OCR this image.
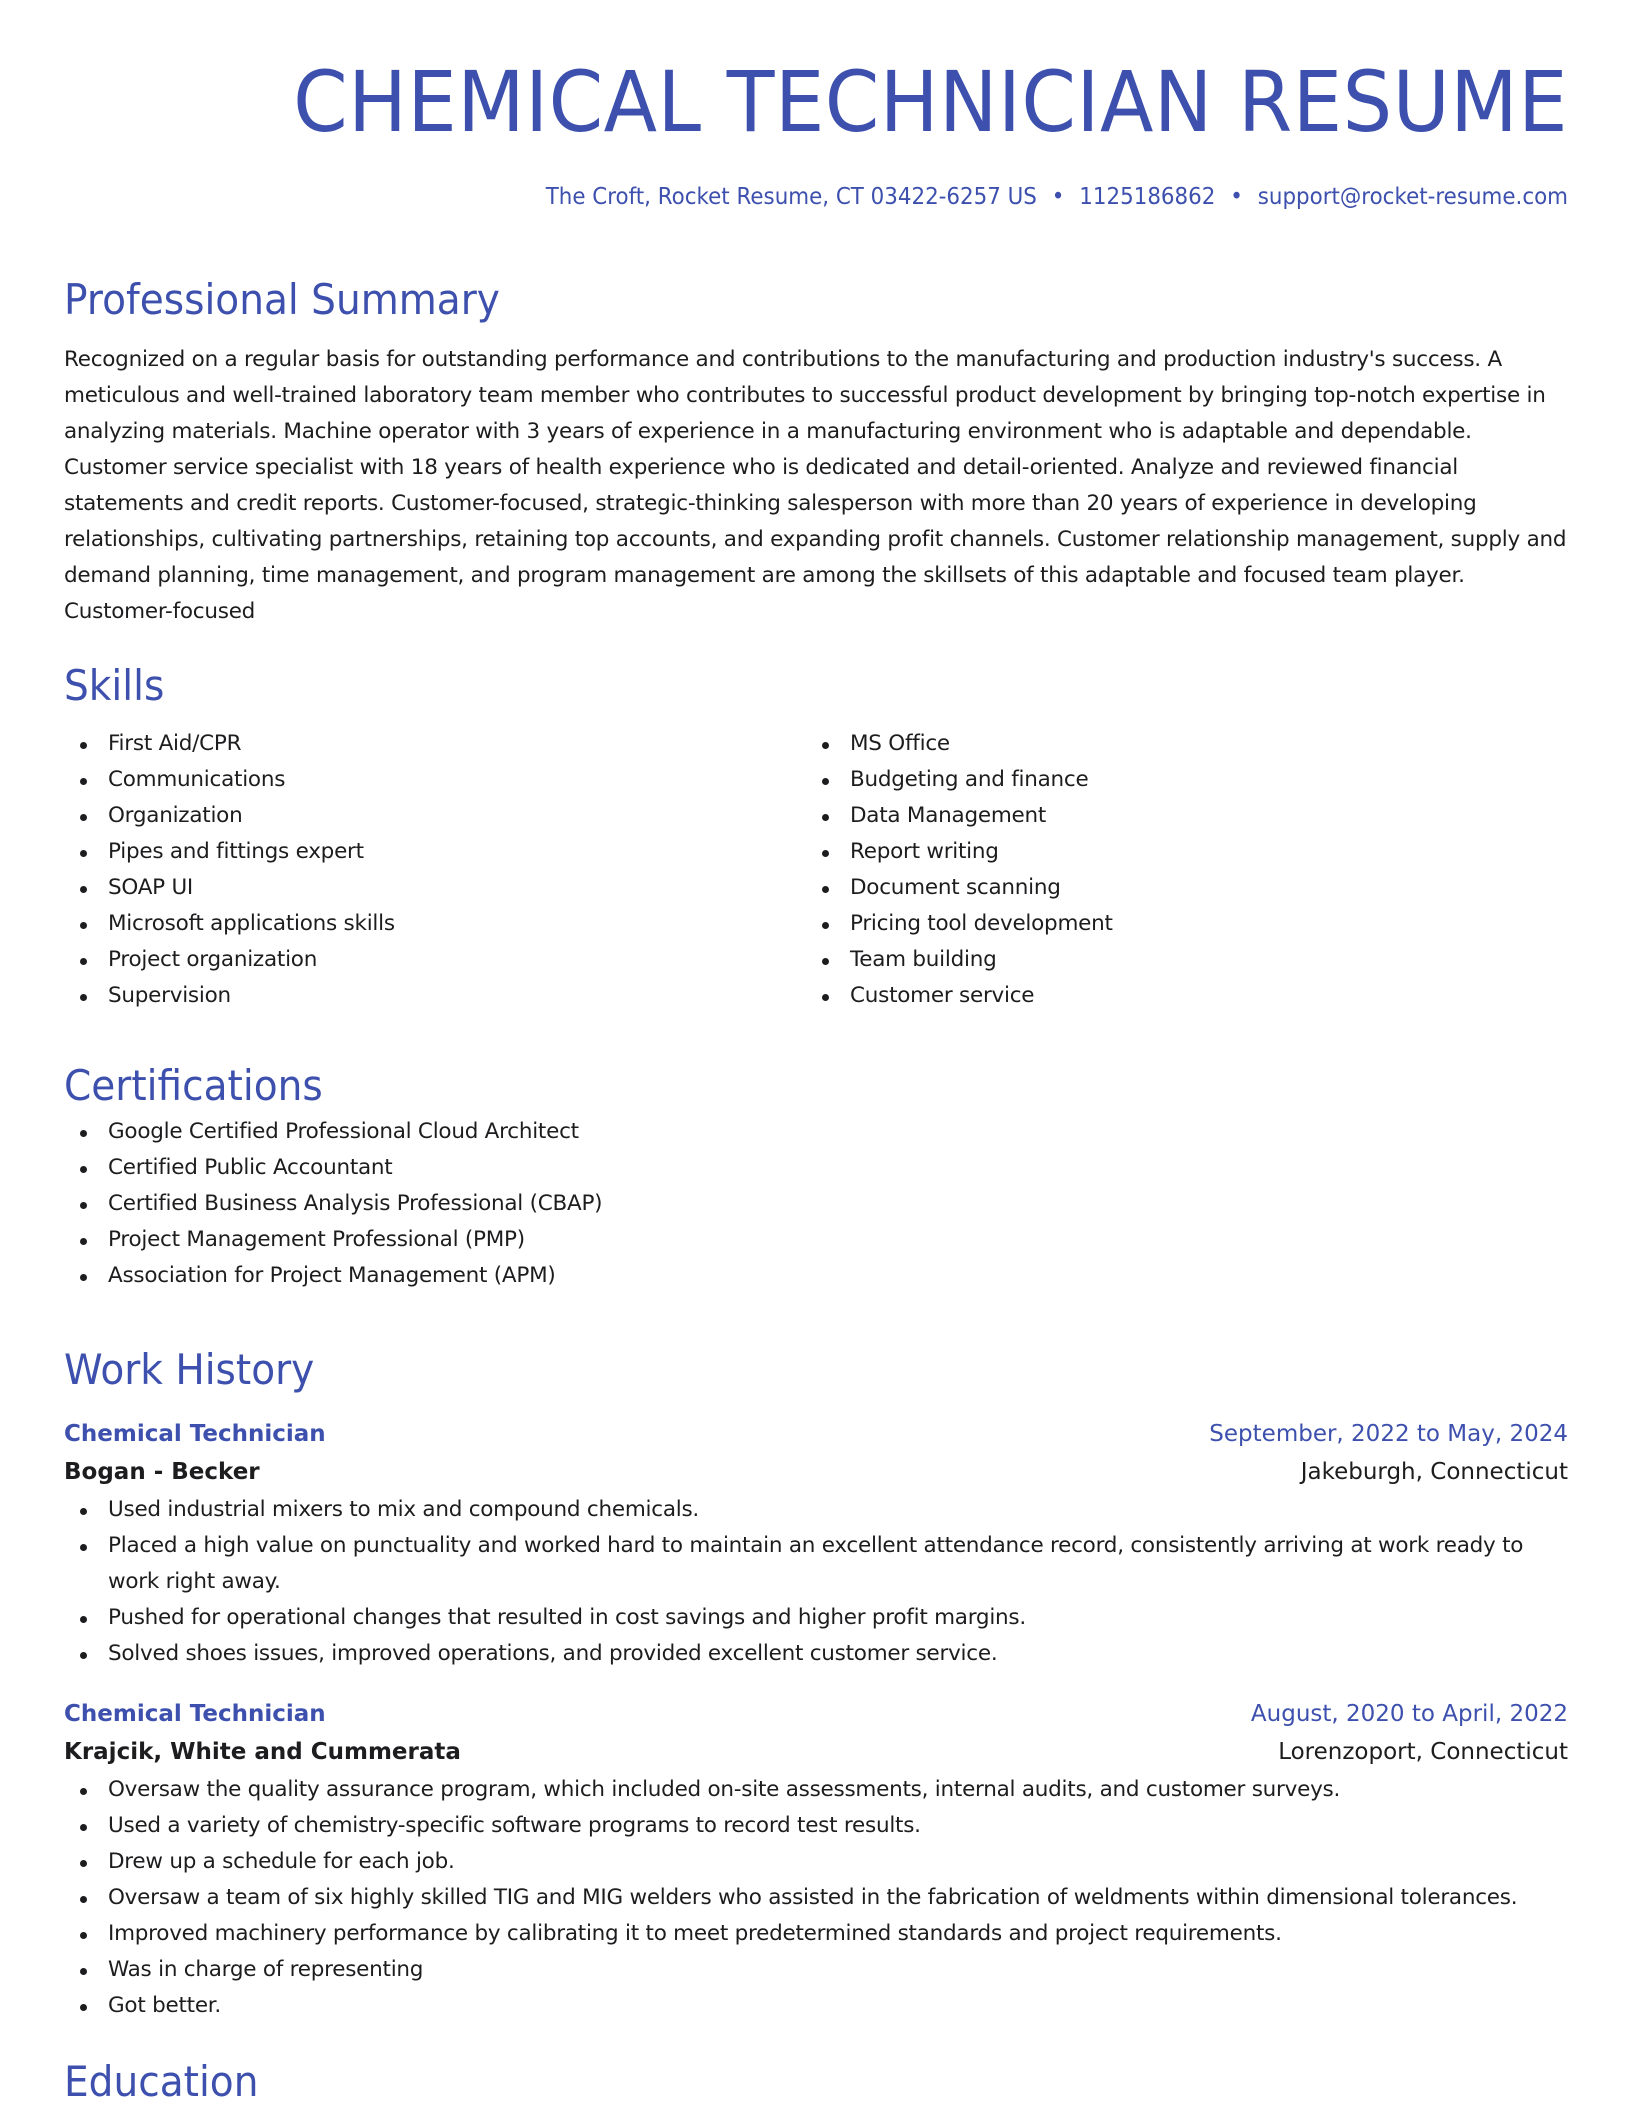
CHEMICAL TECHNICIAN RESUME
The Croft, Rocket Resume, CT 03422-6257 US • 1125186862 • support@rocket-resume.com
Professional Summary
Recognized on a regular basis for outstanding performance and contributions to the manufacturing and production industry's success. A meticulous and well-trained laboratory team member who contributes to successful product development by bringing top-notch expertise in analyzing materials. Machine operator with 3 years of experience in a manufacturing environment who is adaptable and dependable. Customer service specialist with 18 years of health experience who is dedicated and detail-oriented. Analyze and reviewed financial statements and credit reports. Customer-focused, strategic-thinking salesperson with more than 20 years of experience in developing relationships, cultivating partnerships, retaining top accounts, and expanding profit channels. Customer relationship management, supply and demand planning, time management, and program management are among the skillsets of this adaptable and focused team player. Customer-focused
Skills
First Aid/CPR
Communications
Organization
Pipes and fittings expert
SOAP UI
Microsoft applications skills
Project organization
Supervision
MS Office
Budgeting and finance
Data Management
Report writing
Document scanning
Pricing tool development
Team building
Customer service
Certifications
Google Certified Professional Cloud Architect
Certified Public Accountant
Certified Business Analysis Professional (CBAP)
Project Management Professional (PMP)
Association for Project Management (APM)
Work History
Chemical Technician	September, 2022 to May, 2024
Bogan - Becker	Jakeburgh, Connecticut
Used industrial mixers to mix and compound chemicals.
Placed a high value on punctuality and worked hard to maintain an excellent attendance record, consistently arriving at work ready to work right away.
Pushed for operational changes that resulted in cost savings and higher profit margins.
Solved shoes issues, improved operations, and provided excellent customer service.
Chemical Technician	August, 2020 to April, 2022
Krajcik, White and Cummerata	Lorenzoport, Connecticut
Oversaw the quality assurance program, which included on-site assessments, internal audits, and customer surveys.
Used a variety of chemistry-specific software programs to record test results.
Drew up a schedule for each job.
Oversaw a team of six highly skilled TIG and MIG welders who assisted in the fabrication of weldments within dimensional tolerances.
Improved machinery performance by calibrating it to meet predetermined standards and project requirements.
Was in charge of representing
Got better.
Education
